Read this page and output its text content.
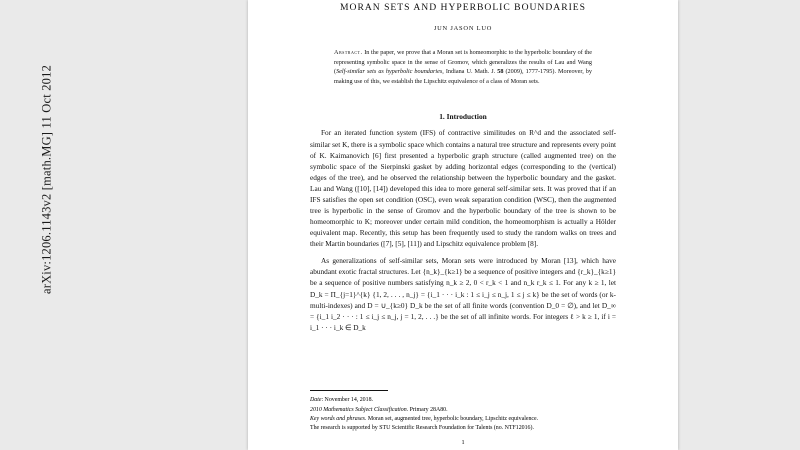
arXiv:1206.1143v2 [math.MG] 11 Oct 2012
MORAN SETS AND HYPERBOLIC BOUNDARIES
JUN JASON LUO
Abstract. In the paper, we prove that a Moran set is homeomorphic to the hyperbolic boundary of the representing symbolic space in the sense of Gromov, which generalizes the results of Lau and Wang (Self-similar sets as hyperbolic boundaries, Indiana U. Math. J. 58 (2009), 1777-1795). Moreover, by making use of this, we establish the Lipschitz equivalence of a class of Moran sets.
1. Introduction

For an iterated function system (IFS) of contractive similitudes on R^d and the associated self-similar set K, there is a symbolic space which contains a natural tree structure and represents every point of K. Kaimanovich [6] first presented a hyperbolic graph structure (called augmented tree) on the symbolic space of the Sierpinski gasket by adding horizontal edges (corresponding to the (vertical) edges of the tree), and he observed the relationship between the hyperbolic boundary and the gasket. Lau and Wang ([10], [14]) developed this idea to more general self-similar sets. It was proved that if an IFS satisfies the open set condition (OSC), even weak separation condition (WSC), then the augmented tree is hyperbolic in the sense of Gromov and the hyperbolic boundary of the tree is shown to be homeomorphic to K; moreover under certain mild condition, the homeomorphism is actually a Hölder equivalent map. Recently, this setup has been frequently used to study the random walks on trees and their Martin boundaries ([7], [5], [11]) and Lipschitz equivalence problem [8].

As generalizations of self-similar sets, Moran sets were introduced by Moran [13], which have abundant exotic fractal structures. Let {n_k}_{k≥1} be a sequence of positive integers and {r_k}_{k≥1} be a sequence of positive numbers satisfying n_k ≥ 2, 0 < r_k < 1 and n_k r_k ≤ 1. For any k ≥ 1, let D_k = Π_{j=1}^{k} {1, 2, . . . , n_j} = {i_1 · · · i_k : 1 ≤ i_j ≤ n_j, 1 ≤ j ≤ k} be the set of words (or k-multi-indexes) and D = ∪_{k≥0} D_k be the set of all finite words (convention D_0 = ∅), and let D_∞ = {i_1 i_2 · · · : 1 ≤ i_j ≤ n_j, j = 1, 2, . . .} be the set of all infinite words. For integers ℓ > k ≥ 1, if i = i_1 · · · i_k ∈ D_k

Date: November 14, 2018.
2010 Mathematics Subject Classification. Primary 28A80.
Key words and phrases. Moran set, augmented tree, hyperbolic boundary, Lipschitz equivalence.
The research is supported by STU Scientific Research Foundation for Talents (no. NTF12016).
1
